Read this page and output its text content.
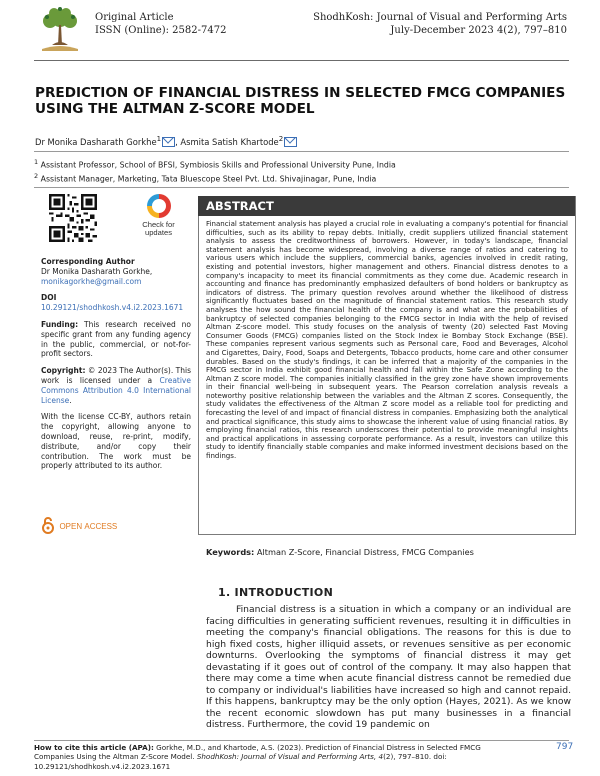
Original Article
ISSN (Online): 2582-7472
ShodhKosh: Journal of Visual and Performing Arts
July-December 2023 4(2), 797–810
PREDICTION OF FINANCIAL DISTRESS IN SELECTED FMCG COMPANIES USING THE ALTMAN Z-SCORE MODEL
Dr Monika Dasharath Gorkhe$^1$ , Asmita Satish Khartode$^2$
$^1$ Assistant Professor, School of BFSI, Symbiosis Skills and Professional University Pune, India
$^2$ Assistant Manager, Marketing, Tata Bluescope Steel Pvt. Ltd. Shivajinagar, Pune, India
Check for
updates
Corresponding Author
Dr Monika Dasharath Gorkhe,
monikagorkhe@gmail.com
DOI
10.29121/shodhkosh.v4.i2.2023.1671
Funding: This research received no specific grant from any funding agency in the public, commercial, or not-for-profit sectors.
Copyright: © 2023 The Author(s). This work is licensed under a Creative Commons Attribution 4.0 International License.
With the license CC-BY, authors retain the copyright, allowing anyone to download, reuse, re-print, modify, distribute, and/or copy their contribution. The work must be properly attributed to its author.
OPEN ACCESS
ABSTRACT
Financial statement analysis has played a crucial role in evaluating a company's potential for financial difficulties, such as its ability to repay debts. Initially, credit suppliers utilized financial statement analysis to assess the creditworthiness of borrowers. However, in today's landscape, financial statement analysis has become widespread, involving a diverse range of ratios and catering to various users which include the suppliers, commercial banks, agencies involved in credit rating, existing and potential investors, higher management and others. Financial distress denotes to a company's incapacity to meet its financial commitments as they come due. Academic research in accounting and finance has predominantly emphasized defaulters of bond holders or bankruptcy as indicators of distress. The primary question revolves around whether the likelihood of distress significantly fluctuates based on the magnitude of financial statement ratios. This research study analyses the how sound the financial health of the company is and what are the probabilities of bankruptcy of selected companies belonging to the FMCG sector in India with the help of revised Altman Z-score model. This study focuses on the analysis of twenty (20) selected Fast Moving Consumer Goods (FMCG) companies listed on the Stock Index ie Bombay Stock Exchange (BSE). These companies represent various segments such as Personal care, Food and Beverages, Alcohol and Cigarettes, Dairy, Food, Soaps and Detergents, Tobacco products, home care and other consumer durables. Based on the study's findings, it can be inferred that a majority of the companies in the FMCG sector in India exhibit good financial health and fall within the Safe Zone according to the Altman Z score model. The companies initially classified in the grey zone have shown improvements in their financial well-being in subsequent years. The Pearson correlation analysis reveals a noteworthy positive relationship between the variables and the Altman Z scores. Consequently, the study validates the effectiveness of the Altman Z score model as a reliable tool for predicting and forecasting the level of and impact of financial distress in companies. Emphasizing both the analytical and practical significance, this study aims to showcase the inherent value of using financial ratios. By employing financial ratios, this research underscores their potential to provide meaningful insights and practical applications in assessing corporate performance. As a result, investors can utilize this study to identify financially stable companies and make informed investment decisions based on the findings.
Keywords: Altman Z-Score, Financial Distress, FMCG Companies
1. INTRODUCTION
Financial distress is a situation in which a company or an individual are facing difficulties in generating sufficient revenues, resulting it in difficulties in meeting the company's financial obligations. The reasons for this is due to high fixed costs, higher illiquid assets, or revenues sensitive as per economic downturns. Overlooking the symptoms of financial distress it may get devastating if it goes out of control of the company. It may also happen that there may come a time when acute financial distress cannot be remedied due to company or individual's liabilities have increased so high and cannot repaid. If this happens, bankruptcy may be the only option (Hayes, 2021). As we know the recent economic slowdown has put many businesses in a financial distress. Furthermore, the covid 19 pandemic on
How to cite this article (APA): Gorkhe, M.D., and Khartode, A.S. (2023). Prediction of Financial Distress in Selected FMCG Companies Using the Altman Z-Score Model. ShodhKosh: Journal of Visual and Performing Arts, 4(2), 797–810. doi: 10.29121/shodhkosh.v4.i2.2023.1671
797
